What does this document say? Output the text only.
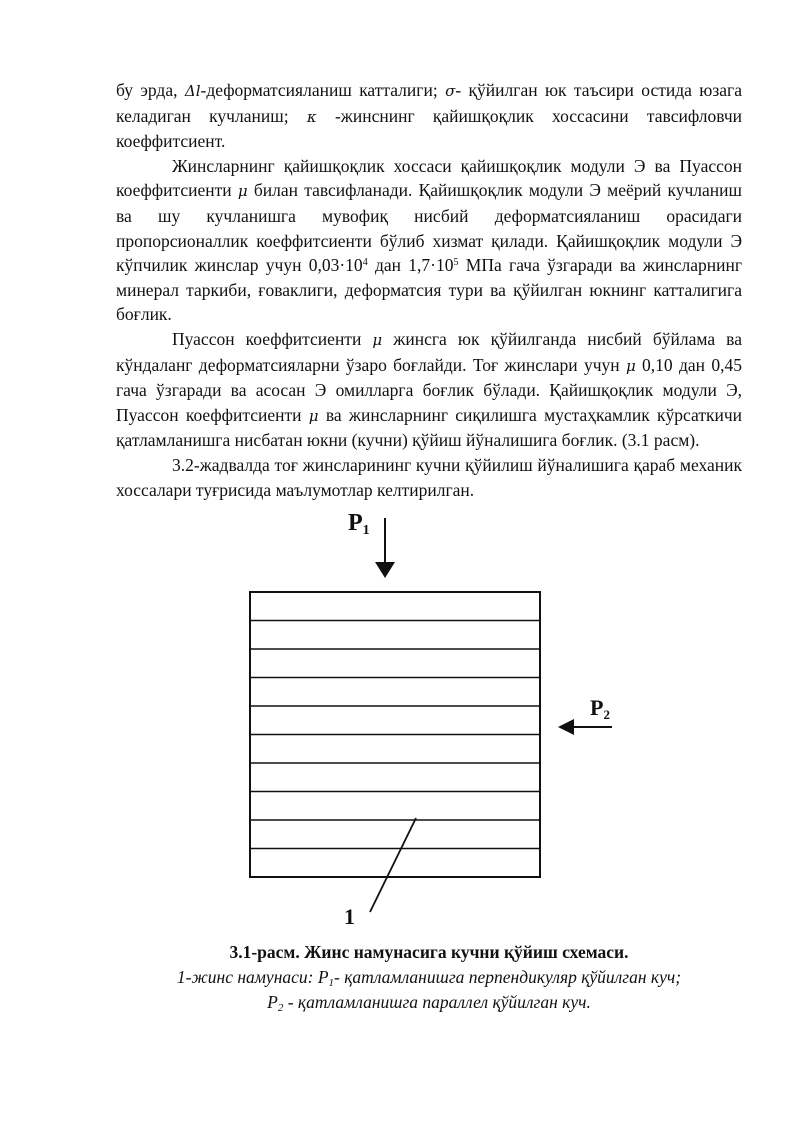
бу эрда, Δl-деформатсияланиш катталиги; σ- қўйилган юк таъсири остида юзага келадиган кучланиш; κ -жинснинг қайишқоқлик хоссасини тавсифловчи коеффитсиент.

Жинсларнинг қайишқоқлик хоссаси қайишқоқлик модули Э ва Пуассон коеффитсиенти μ билан тавсифланади. Қайишқоқлик модули Э меёрий кучланиш ва шу кучланишга мувофиқ нисбий деформатсияланиш орасидаги пропорсионаллик коеффитсиенти бўлиб хизмат қилади. Қайишқоқлик модули Э кўпчилик жинслар учун $0,03\cdot 10^4$ дан $1,7\cdot 10^5$ МПа гача ўзгаради ва жинсларнинг минерал таркиби, ғоваклиги, деформатсия тури ва қўйилган юкнинг катталигига боғлик.

Пуассон коеффитсиенти μ жинсга юк қўйилганда нисбий бўйлама ва кўндаланг деформатсияларни ўзаро боғлайди. Тоғ жинслари учун μ 0,10 дан 0,45 гача ўзгаради ва асосан Э омилларга боғлик бўлади. Қайишқоқлик модули Э, Пуассон коеффитсиенти μ ва жинсларнинг сиқилишга мустаҳкамлик кўрсаткичи қатламланишга нисбатан юкни (кучни) қўйиш йўналишига боғлик. (3.1 расм).

3.2-жадвалда тоғ жинсларининг кучни қўйилиш йўналишига қараб механик хоссалари туғрисида маълумотлар келтирилган.

P1
P2
1
3.1-расм. Жинс намунасига кучни қўйиш схемаси.
1-жинс намунаси: $P_1-$ қатламланишга перпендикуляр қўйилган куч;
$P_2$ - қатламланишга параллел қўйилган куч.
